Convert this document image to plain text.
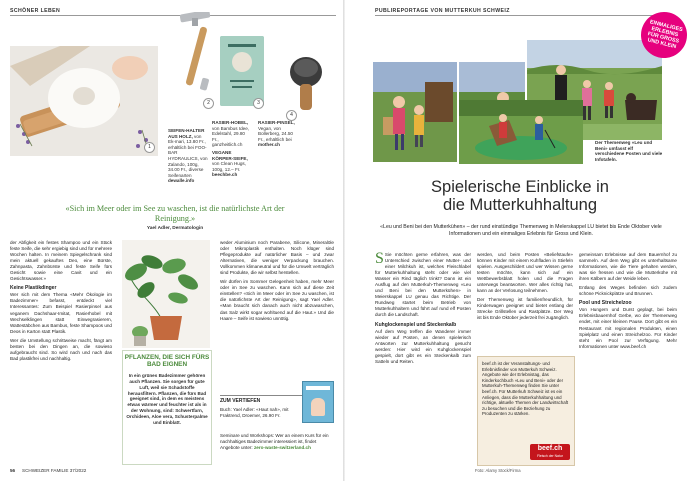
SCHÖNER LEBEN
1
2	3
4
SEIFEN-HALTER AUS HOLZ, von Ek-mari, 13.80 Fr., erhältlich bei FOO-BAR HYDRAULICS, von Zalando, 100g, 34.00 Fr., diverse Seifenarten dewalle.info
RASIER-HOBEL, von Bambus Idee, Edelstahl, 29.80 Fr., ganzheitlich.ch
VEGANE KÖRPER-SEIFE, von Clean Hugs, 100g, 12.– Fr. beechbe.ch
RASIER-PINSEL, Vegan, von Bollerberg, 24.50 Fr., erhältlich bei mother.ch
«Sich im Meer oder im See zu waschen, ist die natürlichste Art der Reinigung.»
Yael Adler, Dermatologin

der Abfigkeit ein festes Shampoo und ein Stück feste Seife, die sehr ergiebig sind und für mehrere Wochen halten. In meinem Spiegelschrank sind mein aktuell gekauftes Deo, eine Bürste, Zahnpasta, Zahnbürste und feste Seife fürs Gesicht sowie eine Cavit und ein Gesichtswasser.»

Keine Plastikdinger

Wer sich mit dem Thema «Mehr Ökologie im Badezimmer» befasst, entdeckt viel Interessantes: Zum Beispiel Rasierpinsel aus veganem Dachshaar-Imitat, Rasierhobel mit Wechselklingen statt Einwegrasierern, Wattestäbchen aus Bambus, feste Shampoos und Deos in Karton statt Plastik.

Wer die Umstellung schrittweise macht, fängt am besten bei den Dingen an, die sowieso aufgebraucht sind. So wird nach und nach das Bad plastikfrei und nachhaltig.	PFLANZEN, DIE SICH FÜRS BAD EIGNEN
In ein grünes Badezimmer gehören auch Pflanzen. Sie sorgen für gute Luft, weil sie Schadstoffe herausfiltern. Pflanzen, die fürs Bad geeignet sind, in dem es meistens etwas wärmer und feuchter ist als in der Wohnung, sind: Schwertfarn, Orchideen, Aloe vera, Schusterpalme und Einblatt.

weder Aluminium noch Parabene, Silicone, Mineralöle oder Mikroplastik enthalten. Noch klüger sind Pflegeprodukte auf natürlicher Basis – und zwar Alternativen, die weniger Verpackung brauchen. Vollkommen klimaneutral und für die Umwelt verträglich sind Produkte, die wir selbst herstellen.

Wir dürfen im Sommer Gelegenheit haben, mehr Meer oder im See zu waschen. Kann sich auf diese Zeit einstellen? «Sich im Meer oder im See zu waschen, ist die natürlichste Art der Reinigung», sagt Yael Adler. «Man braucht sich danach auch nicht abzuwaschen, das Salz wirkt sogar wohltuend auf die Haut.» Und die Haare – Seife ist sowieso unnötig.

ZUM VERTIEFEN
Buch: Yael Adler: «Haut nah», mit Fraktrend, Droemer, 26.90 Fr.
Seminare und Workshops: Wer an einem Kurs für ein nachhaltiges Badezimmer interessiert ist, findet Angebote unter: zero-waste-switzerland.ch
56 SCHWEIZER FAMILIE 37/2022
PUBLIREPORTAGE VON MUTTERKUH SCHWEIZ
EINMALIGES ERLEBNIS FÜR GROSS UND KLEIN
Der Themenweg «Leu und Beni» umfasst elf verschiedene Posten und viele Infotafeln.
Spielerische Einblicke in
die Mutterkuhhaltung
«Leu und Beni bei den Mutterkühen» – der rund einstündige Themenweg in Melerskappel LU bietet bis Ende Oktober viele Informationen und ein einmaliges Erlebnis für Gross und Klein.

S Sie möchten gerne erfahren, was der Unterschied zwischen einer Mutter- und einer Milchkuh ist, welches Fleischlabel für Mutterkuhhaltung steht oder wie viel Wasser ein Rind täglich trinkt? Dann ist ein Ausflug auf den Mutterkuh-Themenweg «Leu und Beni bei den Mutterkühen» in Meierskappel LU genau das Richtige. Der Rundweg startet beim Betrieb von Mutterkuhhaltern und führt auf rund elf Posten durch die Landschaft.

Kuhglockenspiel und Steckenkalb

Auf dem Weg treffen die Wanderer immer wieder auf Posten, an denen spielerisch Antworten zur Mutterkuhhaltung gesucht werden: Hier wird ein Kuhglockenspiel gespielt, dort gibt es ein Steckenkalb zum Satteln und Reiten.

werden, und beim Posten «Beliefstaufe» können Kinder mit einem Kuhfladen in Stiefeln spielen. Ausgeschildert und wer Wissen gerne testen möchte, kann sich auf ein Wettbewerbsblatt holen und die Fragen unterwegs beantworten. Wer alles richtig hat, kann an der Verlosung teilnehmen.

Der Themenweg ist familienfreundlich, für Kinderwagen geeignet und bietet entlang der Strecke Grillstellen und Rastplätze. Der Weg ist bis Ende Oktober jederzeit frei zugänglich.

beef.ch ist der Veranstaltungs- und Erlebnisfinder von Mutterkuh Schweiz. Angebote wie der Erlebnistag, das Kinderkochbuch «Leu und Beni» oder der Mutterkuh-Themenweg finden Sie unter beef.ch. Für Mutterkuh Schweiz ist es ein Anliegen, dass die Mutterkuhhaltung und richtige, aktuelle Themen der Landwirtschaft zu besuchen und die Beziehung zu Produzenten zu stärken.
beef.ch
Fleisch der Natur

gemeinsam Erlebnisse auf dem Bauernhof zu sammeln. Auf dem Weg gibt es unterhaltsame Informationen, wie die Tiere gehalten werden, was sie fressen und wie die Mutterkühe mit ihren Kälbern auf der Weide leben.

Entlang des Weges befinden sich zudem schöne Picknickplätze und Brunnen.

Pool und Streichelzoo

Von Hungern und Durst geplagt, bei beim Erlebnisbauernhof Gerbe, wo der Themenweg endet, mit einer kleinen Pause. Dort gibt es ein Restaurant mit regionalen Produkten, einen Spielplatz und einen Streichelzoo. Für Kinder steht ein Pool zur Verfügung. Mehr Informationen unter www.beef.ch

Foto: Alamy Stock/Firma
